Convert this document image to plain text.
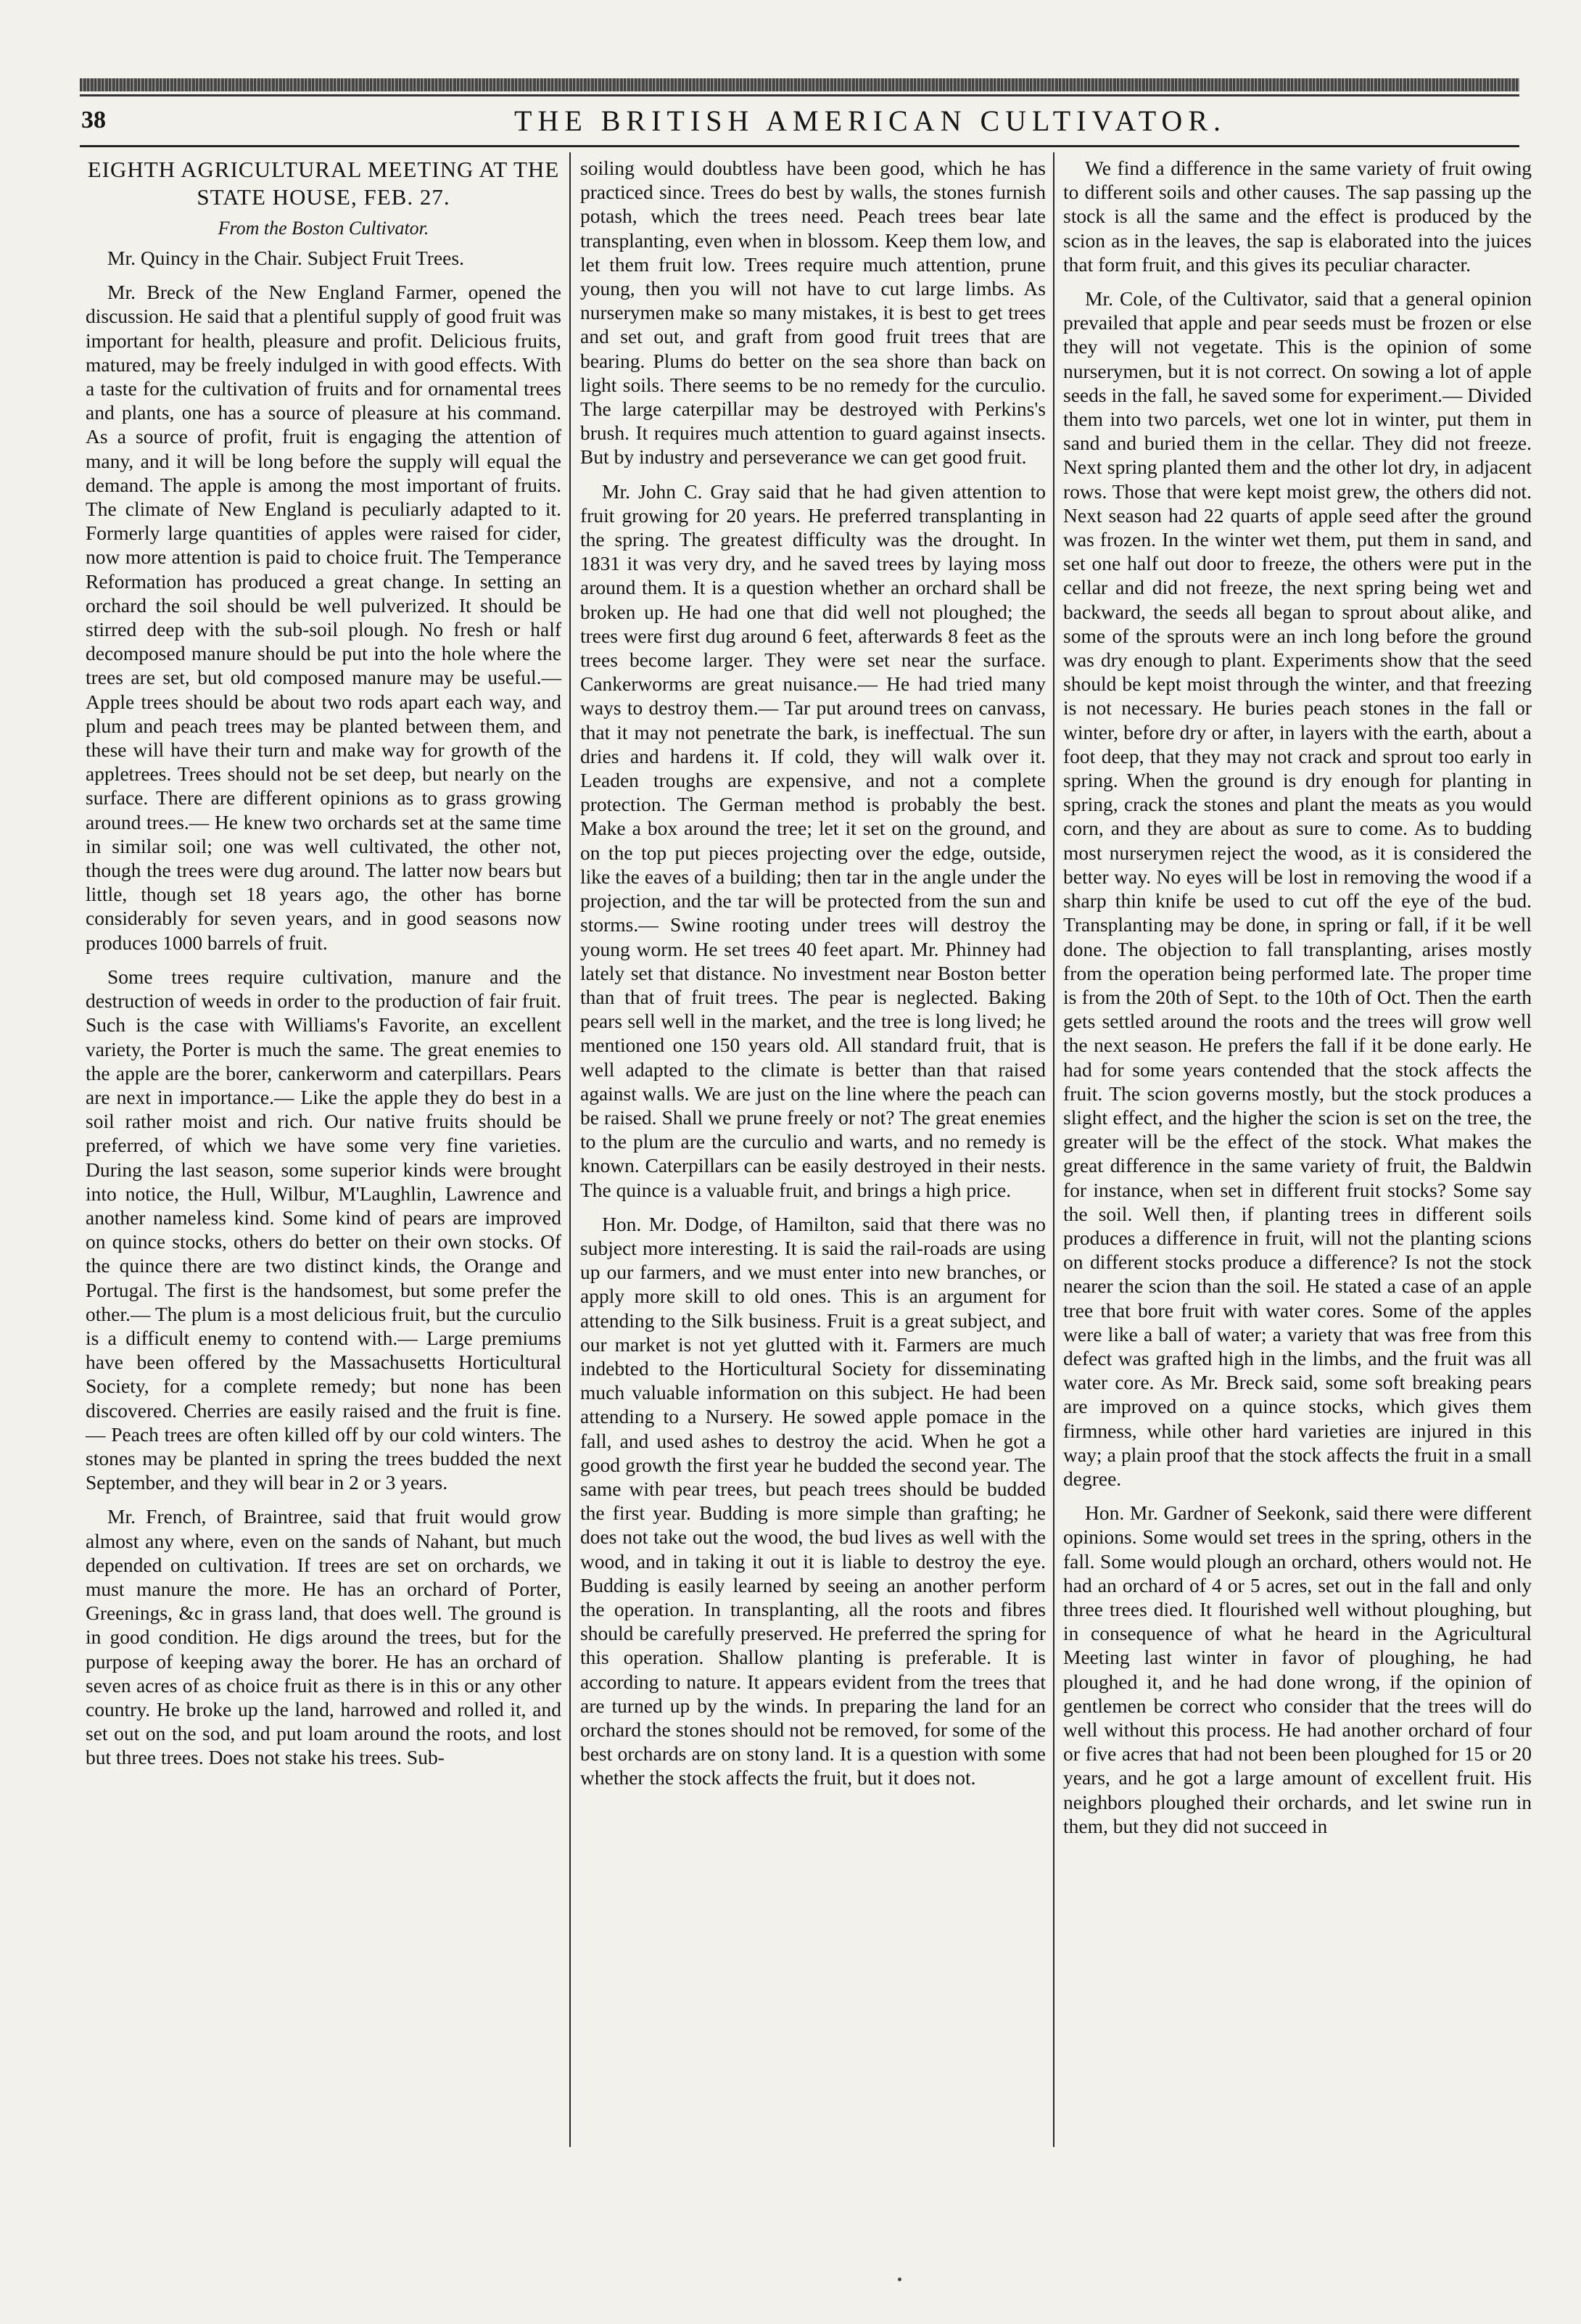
38	THE BRITISH AMERICAN CULTIVATOR.
EIGHTH AGRICULTURAL MEETING AT THE STATE HOUSE, FEB. 27.
From the Boston Cultivator.

Mr. Quincy in the Chair. Subject Fruit Trees.

Mr. Breck of the New England Farmer, opened the discussion. He said that a plentiful supply of good fruit was important for health, pleasure and profit. Delicious fruits, matured, may be freely indulged in with good effects. With a taste for the cultivation of fruits and for ornamental trees and plants, one has a source of pleasure at his command. As a source of profit, fruit is engaging the attention of many, and it will be long before the supply will equal the demand. The apple is among the most important of fruits. The climate of New England is peculiarly adapted to it. Formerly large quantities of apples were raised for cider, now more attention is paid to choice fruit. The Temperance Reformation has produced a great change. In setting an orchard the soil should be well pulverized. It should be stirred deep with the sub-soil plough. No fresh or half decomposed manure should be put into the hole where the trees are set, but old composed manure may be useful.— Apple trees should be about two rods apart each way, and plum and peach trees may be planted between them, and these will have their turn and make way for growth of the appletrees. Trees should not be set deep, but nearly on the surface. There are different opinions as to grass growing around trees.— He knew two orchards set at the same time in similar soil; one was well cultivated, the other not, though the trees were dug around. The latter now bears but little, though set 18 years ago, the other has borne considerably for seven years, and in good seasons now produces 1000 barrels of fruit.

Some trees require cultivation, manure and the destruction of weeds in order to the production of fair fruit. Such is the case with Williams's Favorite, an excellent variety, the Porter is much the same. The great enemies to the apple are the borer, cankerworm and caterpillars. Pears are next in importance.— Like the apple they do best in a soil rather moist and rich. Our native fruits should be preferred, of which we have some very fine varieties. During the last season, some superior kinds were brought into notice, the Hull, Wilbur, M'Laughlin, Lawrence and another nameless kind. Some kind of pears are improved on quince stocks, others do better on their own stocks. Of the quince there are two distinct kinds, the Orange and Portugal. The first is the handsomest, but some prefer the other.— The plum is a most delicious fruit, but the curculio is a difficult enemy to contend with.— Large premiums have been offered by the Massachusetts Horticultural Society, for a complete remedy; but none has been discovered. Cherries are easily raised and the fruit is fine.— Peach trees are often killed off by our cold winters. The stones may be planted in spring the trees budded the next September, and they will bear in 2 or 3 years.

Mr. French, of Braintree, said that fruit would grow almost any where, even on the sands of Nahant, but much depended on cultivation. If trees are set on orchards, we must manure the more. He has an orchard of Porter, Greenings, &c in grass land, that does well. The ground is in good condition. He digs around the trees, but for the purpose of keeping away the borer. He has an orchard of seven acres of as choice fruit as there is in this or any other country. He broke up the land, harrowed and rolled it, and set out on the sod, and put loam around the roots, and lost but three trees. Does not stake his trees. Sub-

soiling would doubtless have been good, which he has practiced since. Trees do best by walls, the stones furnish potash, which the trees need. Peach trees bear late transplanting, even when in blossom. Keep them low, and let them fruit low. Trees require much attention, prune young, then you will not have to cut large limbs. As nurserymen make so many mistakes, it is best to get trees and set out, and graft from good fruit trees that are bearing. Plums do better on the sea shore than back on light soils. There seems to be no remedy for the curculio. The large caterpillar may be destroyed with Perkins's brush. It requires much attention to guard against insects. But by industry and perseverance we can get good fruit.

Mr. John C. Gray said that he had given attention to fruit growing for 20 years. He preferred transplanting in the spring. The greatest difficulty was the drought. In 1831 it was very dry, and he saved trees by laying moss around them. It is a question whether an orchard shall be broken up. He had one that did well not ploughed; the trees were first dug around 6 feet, afterwards 8 feet as the trees become larger. They were set near the surface. Cankerworms are great nuisance.— He had tried many ways to destroy them.— Tar put around trees on canvass, that it may not penetrate the bark, is ineffectual. The sun dries and hardens it. If cold, they will walk over it. Leaden troughs are expensive, and not a complete protection. The German method is probably the best. Make a box around the tree; let it set on the ground, and on the top put pieces projecting over the edge, outside, like the eaves of a building; then tar in the angle under the projection, and the tar will be protected from the sun and storms.— Swine rooting under trees will destroy the young worm. He set trees 40 feet apart. Mr. Phinney had lately set that distance. No investment near Boston better than that of fruit trees. The pear is neglected. Baking pears sell well in the market, and the tree is long lived; he mentioned one 150 years old. All standard fruit, that is well adapted to the climate is better than that raised against walls. We are just on the line where the peach can be raised. Shall we prune freely or not? The great enemies to the plum are the curculio and warts, and no remedy is known. Caterpillars can be easily destroyed in their nests. The quince is a valuable fruit, and brings a high price.

Hon. Mr. Dodge, of Hamilton, said that there was no subject more interesting. It is said the rail-roads are using up our farmers, and we must enter into new branches, or apply more skill to old ones. This is an argument for attending to the Silk business. Fruit is a great subject, and our market is not yet glutted with it. Farmers are much indebted to the Horticultural Society for disseminating much valuable information on this subject. He had been attending to a Nursery. He sowed apple pomace in the fall, and used ashes to destroy the acid. When he got a good growth the first year he budded the second year. The same with pear trees, but peach trees should be budded the first year. Budding is more simple than grafting; he does not take out the wood, the bud lives as well with the wood, and in taking it out it is liable to destroy the eye. Budding is easily learned by seeing an another perform the operation. In transplanting, all the roots and fibres should be carefully preserved. He preferred the spring for this operation. Shallow planting is preferable. It is according to nature. It appears evident from the trees that are turned up by the winds. In preparing the land for an orchard the stones should not be removed, for some of the best orchards are on stony land. It is a question with some whether the stock affects the fruit, but it does not.

We find a difference in the same variety of fruit owing to different soils and other causes. The sap passing up the stock is all the same and the effect is produced by the scion as in the leaves, the sap is elaborated into the juices that form fruit, and this gives its peculiar character.

Mr. Cole, of the Cultivator, said that a general opinion prevailed that apple and pear seeds must be frozen or else they will not vegetate. This is the opinion of some nurserymen, but it is not correct. On sowing a lot of apple seeds in the fall, he saved some for experiment.— Divided them into two parcels, wet one lot in winter, put them in sand and buried them in the cellar. They did not freeze. Next spring planted them and the other lot dry, in adjacent rows. Those that were kept moist grew, the others did not. Next season had 22 quarts of apple seed after the ground was frozen. In the winter wet them, put them in sand, and set one half out door to freeze, the others were put in the cellar and did not freeze, the next spring being wet and backward, the seeds all began to sprout about alike, and some of the sprouts were an inch long before the ground was dry enough to plant. Experiments show that the seed should be kept moist through the winter, and that freezing is not necessary. He buries peach stones in the fall or winter, before dry or after, in layers with the earth, about a foot deep, that they may not crack and sprout too early in spring. When the ground is dry enough for planting in spring, crack the stones and plant the meats as you would corn, and they are about as sure to come. As to budding most nurserymen reject the wood, as it is considered the better way. No eyes will be lost in removing the wood if a sharp thin knife be used to cut off the eye of the bud. Transplanting may be done, in spring or fall, if it be well done. The objection to fall transplanting, arises mostly from the operation being performed late. The proper time is from the 20th of Sept. to the 10th of Oct. Then the earth gets settled around the roots and the trees will grow well the next season. He prefers the fall if it be done early. He had for some years contended that the stock affects the fruit. The scion governs mostly, but the stock produces a slight effect, and the higher the scion is set on the tree, the greater will be the effect of the stock. What makes the great difference in the same variety of fruit, the Baldwin for instance, when set in different fruit stocks? Some say the soil. Well then, if planting trees in different soils produces a difference in fruit, will not the planting scions on different stocks produce a difference? Is not the stock nearer the scion than the soil. He stated a case of an apple tree that bore fruit with water cores. Some of the apples were like a ball of water; a variety that was free from this defect was grafted high in the limbs, and the fruit was all water core. As Mr. Breck said, some soft breaking pears are improved on a quince stocks, which gives them firmness, while other hard varieties are injured in this way; a plain proof that the stock affects the fruit in a small degree.

Hon. Mr. Gardner of Seekonk, said there were different opinions. Some would set trees in the spring, others in the fall. Some would plough an orchard, others would not. He had an orchard of 4 or 5 acres, set out in the fall and only three trees died. It flourished well without ploughing, but in consequence of what he heard in the Agricultural Meeting last winter in favor of ploughing, he had ploughed it, and he had done wrong, if the opinion of gentlemen be correct who consider that the trees will do well without this process. He had another orchard of four or five acres that had not been been ploughed for 15 or 20 years, and he got a large amount of excellent fruit. His neighbors ploughed their orchards, and let swine run in them, but they did not succeed in
